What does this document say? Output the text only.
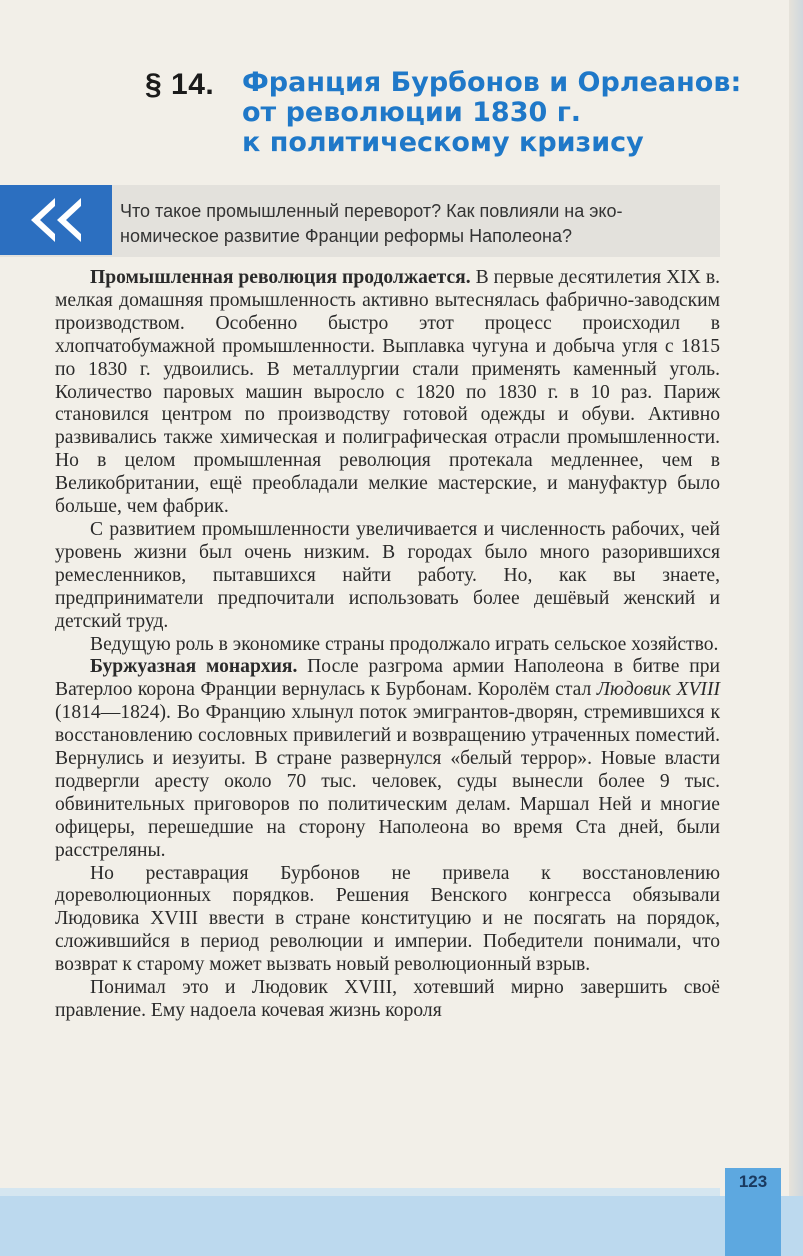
§ 14. Франция Бурбонов и Орлеанов:
от революции 1830 г.
к политическому кризису
Что такое промышленный переворот? Как повлияли на эко-
номическое развитие Франции реформы Наполеона?

Промышленная революция продолжается. В первые десятилетия XIX в. мелкая домашняя промышленность активно вытеснялась фабрично-заводским производством. Особенно быстро этот процесс происходил в хлопчатобумажной промышленности. Выплавка чугуна и добыча угля с 1815 по 1830 г. удвоились. В металлургии стали применять каменный уголь. Количество паровых машин выросло с 1820 по 1830 г. в 10 раз. Париж становился центром по производству готовой одежды и обуви. Активно развивались также химическая и полиграфическая отрасли промышленности. Но в целом промышленная революция протекала медленнее, чем в Великобритании, ещё преобладали мелкие мастерские, и мануфактур было больше, чем фабрик.

С развитием промышленности увеличивается и численность рабочих, чей уровень жизни был очень низким. В городах было много разорившихся ремесленников, пытавшихся найти работу. Но, как вы знаете, предприниматели предпочитали использовать более дешёвый женский и детский труд.

Ведущую роль в экономике страны продолжало играть сельское хозяйство.

Буржуазная монархия. После разгрома армии Наполеона в битве при Ватерлоо корона Франции вернулась к Бурбонам. Королём стал Людовик XVIII (1814—1824). Во Францию хлынул поток эмигрантов-дворян, стремившихся к восстановлению сословных привилегий и возвращению утраченных поместий. Вернулись и иезуиты. В стране развернулся «белый террор». Новые власти подвергли аресту около 70 тыс. человек, суды вынесли более 9 тыс. обвинительных приговоров по политическим делам. Маршал Ней и многие офицеры, перешедшие на сторону Наполеона во время Ста дней, были расстреляны.

Но реставрация Бурбонов не привела к восстановлению дореволюционных порядков. Решения Венского конгресса обязывали Людовика XVIII ввести в стране конституцию и не посягать на порядок, сложившийся в период революции и империи. Победители понимали, что возврат к старому может вызвать новый революционный взрыв.

Понимал это и Людовик XVIII, хотевший мирно завершить своё правление. Ему надоела кочевая жизнь короля

123
